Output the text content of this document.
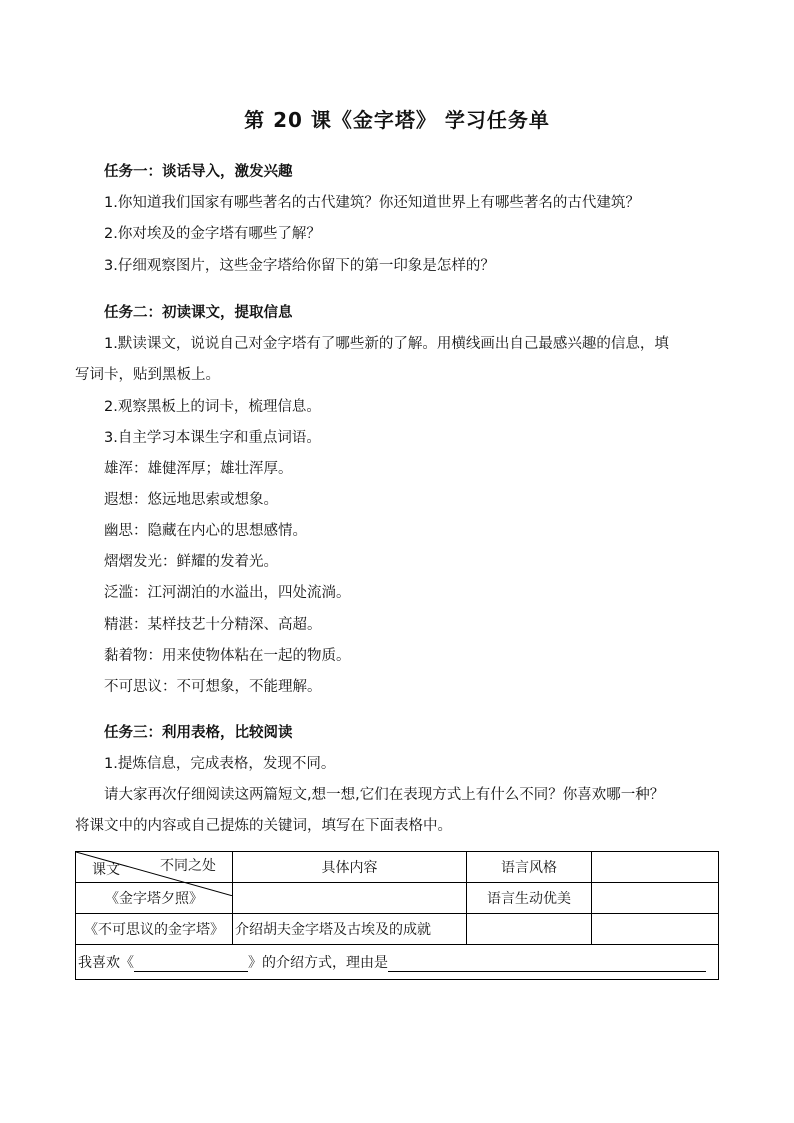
第 20 课《金字塔》 学习任务单
任务一：谈话导入，激发兴趣
1.你知道我们国家有哪些著名的古代建筑？你还知道世界上有哪些著名的古代建筑？
2.你对埃及的金字塔有哪些了解？
3.仔细观察图片，这些金字塔给你留下的第一印象是怎样的？
任务二：初读课文，提取信息
1.默读课文，说说自己对金字塔有了哪些新的了解。用横线画出自己最感兴趣的信息，填
写词卡，贴到黑板上。
2.观察黑板上的词卡，梳理信息。
3.自主学习本课生字和重点词语。
雄浑：雄健浑厚；雄壮浑厚。
遐想：悠远地思索或想象。
幽思：隐藏在内心的思想感情。
熠熠发光：鲜耀的发着光。
泛滥：江河湖泊的水溢出，四处流淌。
精湛：某样技艺十分精深、高超。
黏着物：用来使物体粘在一起的物质。
不可思议：不可想象，不能理解。
任务三：利用表格，比较阅读
1.提炼信息，完成表格，发现不同。
请大家再次仔细阅读这两篇短文,想一想,它们在表现方式上有什么不同？你喜欢哪一种？
将课文中的内容或自己提炼的关键词，填写在下面表格中。
不同之处
课文	具体内容	语言风格	
《金字塔夕照》		语言生动优美	
《不可思议的金字塔》	介绍胡夫金字塔及古埃及的成就		
我喜欢《 》的介绍方式，理由是			
